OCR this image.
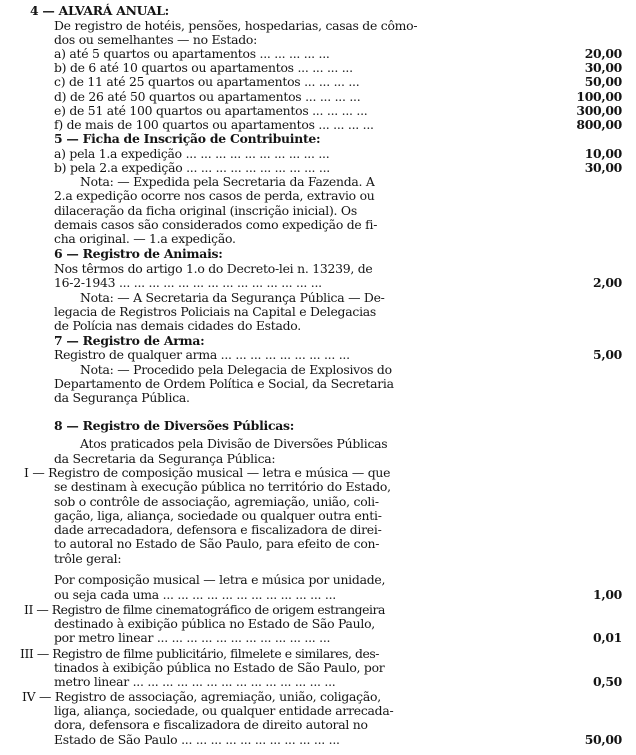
4 — ALVARÁ ANUAL:
De registro de hotéis, pensões, hospedarias, casas de cômo-
dos ou semelhantes — no Estado:
a) até 5 quartos ou apartamentos ... ... ... ... ...	20,00
b) de 6 até 10 quartos ou apartamentos ... ... ... ...	30,00
c) de 11 até 25 quartos ou apartamentos ... ... ... ...	50,00
d) de 26 até 50 quartos ou apartamentos ... ... ... ...	100,00
e) de 51 até 100 quartos ou apartamentos ... ... ... ...	300,00
f) de mais de 100 quartos ou apartamentos ... ... ... ...	800,00
5 — Ficha de Inscrição de Contribuinte:
a) pela 1.a expedição ... ... ... ... ... ... ... ... ... ...	10,00
b) pela 2.a expedição ... ... ... ... ... ... ... ... ... ...	30,00
Nota: — Expedida pela Secretaria da Fazenda. A
2.a expedição ocorre nos casos de perda, extravio ou
dilaceração da ficha original (inscrição inicial). Os
demais casos são considerados como expedição de fi-
cha original. — 1.a expedição.
6 — Registro de Animais:
Nos têrmos do artigo 1.o do Decreto-lei n. 13239, de
16-2-1943 ... ... ... ... ... ... ... ... ... ... ... ... ... ...	2,00
Nota: — A Secretaria da Segurança Pública — De-
legacia de Registros Policiais na Capital e Delegacias
de Polícia nas demais cidades do Estado.
7 — Registro de Arma:
Registro de qualquer arma ... ... ... ... ... ... ... ... ...	5,00
Nota: — Procedido pela Delegacia de Explosivos do
Departamento de Ordem Política e Social, da Secretaria
da Segurança Pública.
8 — Registro de Diversões Públicas:
Atos praticados pela Divisão de Diversões Públicas
da Secretaria da Segurança Pública:
I — Registro de composição musical — letra e música — que
se destinam à execução pública no território do Estado,
sob o contrôle de associação, agremiação, união, coli-
gação, liga, aliança, sociedade ou qualquer outra enti-
dade arrecadadora, defensora e fiscalizadora de direi-
to autoral no Estado de São Paulo, para efeito de con-
trôle geral:
Por composição musical — letra e música por unidade,
ou seja cada uma ... ... ... ... ... ... ... ... ... ... ... ...	1,00
II — Registro de filme cinematográfico de origem estrangeira
destinado à exibição pública no Estado de São Paulo,
por metro linear ... ... ... ... ... ... ... ... ... ... ... ...	0,01
III — Registro de filme publicitário, filmelete e similares, des-
tinados à exibição pública no Estado de São Paulo, por
metro linear ... ... ... ... ... ... ... ... ... ... ... ... ... ...	0,50
IV — Registro de associação, agremiação, união, coligação,
liga, aliança, sociedade, ou qualquer entidade arrecada-
dora, defensora e fiscalizadora de direito autoral no
Estado de São Paulo ... ... ... ... ... ... ... ... ... ... ...	50,00
